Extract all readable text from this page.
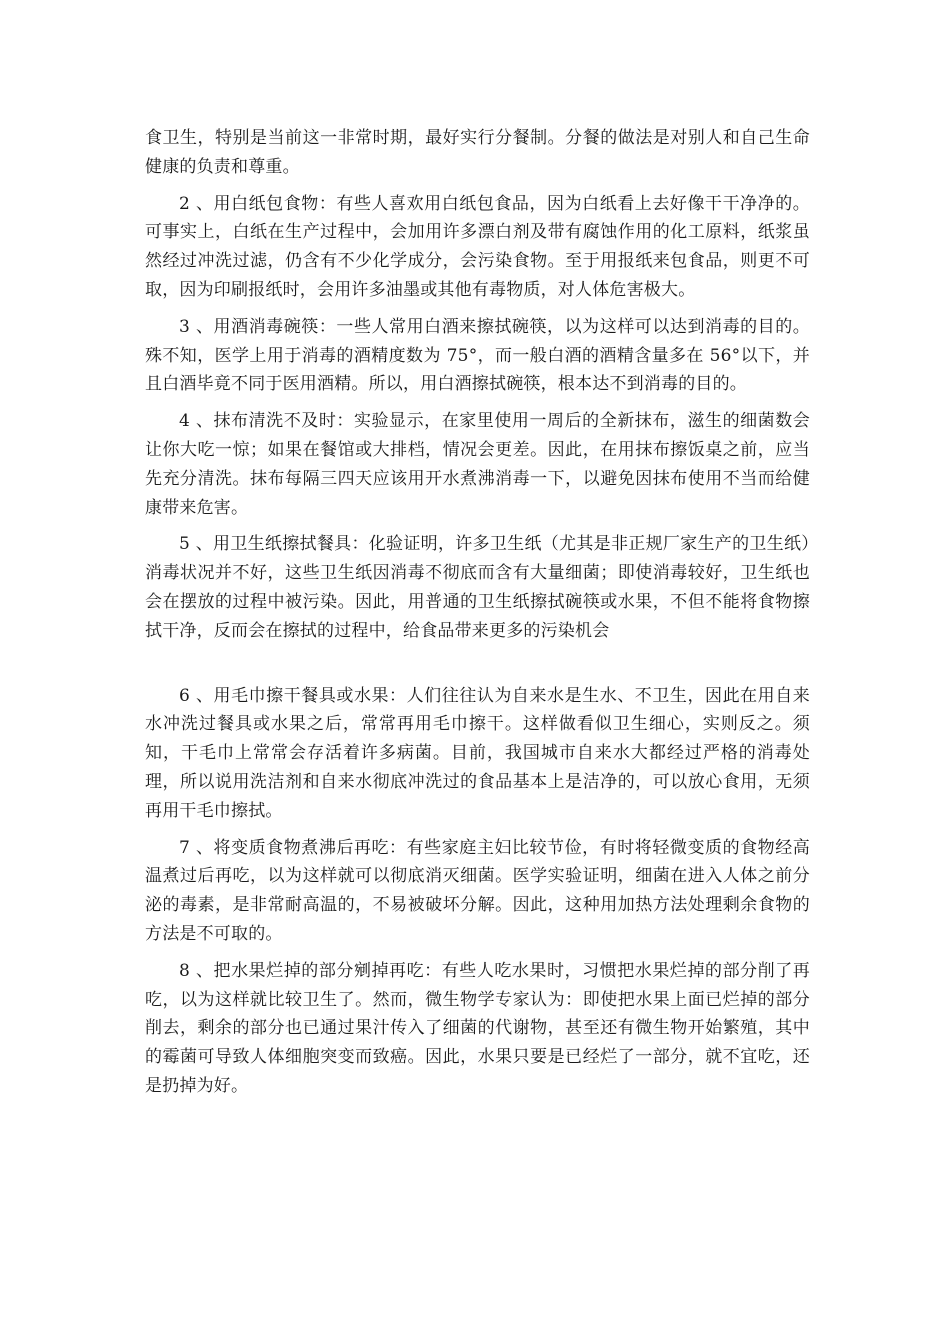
食卫生，特别是当前这一非常时期，最好实行分餐制。分餐的做法是对别人和自己生命健康的负责和尊重。

2 、用白纸包食物：有些人喜欢用白纸包食品，因为白纸看上去好像干干净净的。可事实上，白纸在生产过程中，会加用许多漂白剂及带有腐蚀作用的化工原料，纸浆虽然经过冲洗过滤，仍含有不少化学成分，会污染食物。至于用报纸来包食品，则更不可取，因为印刷报纸时，会用许多油墨或其他有毒物质，对人体危害极大。

3 、用酒消毒碗筷：一些人常用白酒来擦拭碗筷，以为这样可以达到消毒的目的。殊不知，医学上用于消毒的酒精度数为 75°，而一般白酒的酒精含量多在 56°以下，并且白酒毕竟不同于医用酒精。所以，用白酒擦拭碗筷，根本达不到消毒的目的。

4 、抹布清洗不及时：实验显示，在家里使用一周后的全新抹布，滋生的细菌数会让你大吃一惊；如果在餐馆或大排档，情况会更差。因此，在用抹布擦饭桌之前，应当先充分清洗。抹布每隔三四天应该用开水煮沸消毒一下，以避免因抹布使用不当而给健康带来危害。

5 、用卫生纸擦拭餐具：化验证明，许多卫生纸（尤其是非正规厂家生产的卫生纸）消毒状况并不好，这些卫生纸因消毒不彻底而含有大量细菌；即使消毒较好，卫生纸也会在摆放的过程中被污染。因此，用普通的卫生纸擦拭碗筷或水果，不但不能将食物擦拭干净，反而会在擦拭的过程中，给食品带来更多的污染机会

6 、用毛巾擦干餐具或水果：人们往往认为自来水是生水、不卫生，因此在用自来水冲洗过餐具或水果之后，常常再用毛巾擦干。这样做看似卫生细心，实则反之。须知，干毛巾上常常会存活着许多病菌。目前，我国城市自来水大都经过严格的消毒处理，所以说用洗洁剂和自来水彻底冲洗过的食品基本上是洁净的，可以放心食用，无须再用干毛巾擦拭。

7 、将变质食物煮沸后再吃：有些家庭主妇比较节俭，有时将轻微变质的食物经高温煮过后再吃，以为这样就可以彻底消灭细菌。医学实验证明，细菌在进入人体之前分泌的毒素，是非常耐高温的，不易被破坏分解。因此，这种用加热方法处理剩余食物的方法是不可取的。

8 、把水果烂掉的部分剜掉再吃：有些人吃水果时，习惯把水果烂掉的部分削了再吃，以为这样就比较卫生了。然而，微生物学专家认为：即使把水果上面已烂掉的部分削去，剩余的部分也已通过果汁传入了细菌的代谢物，甚至还有微生物开始繁殖，其中的霉菌可导致人体细胞突变而致癌。因此，水果只要是已经烂了一部分，就不宜吃，还是扔掉为好。
